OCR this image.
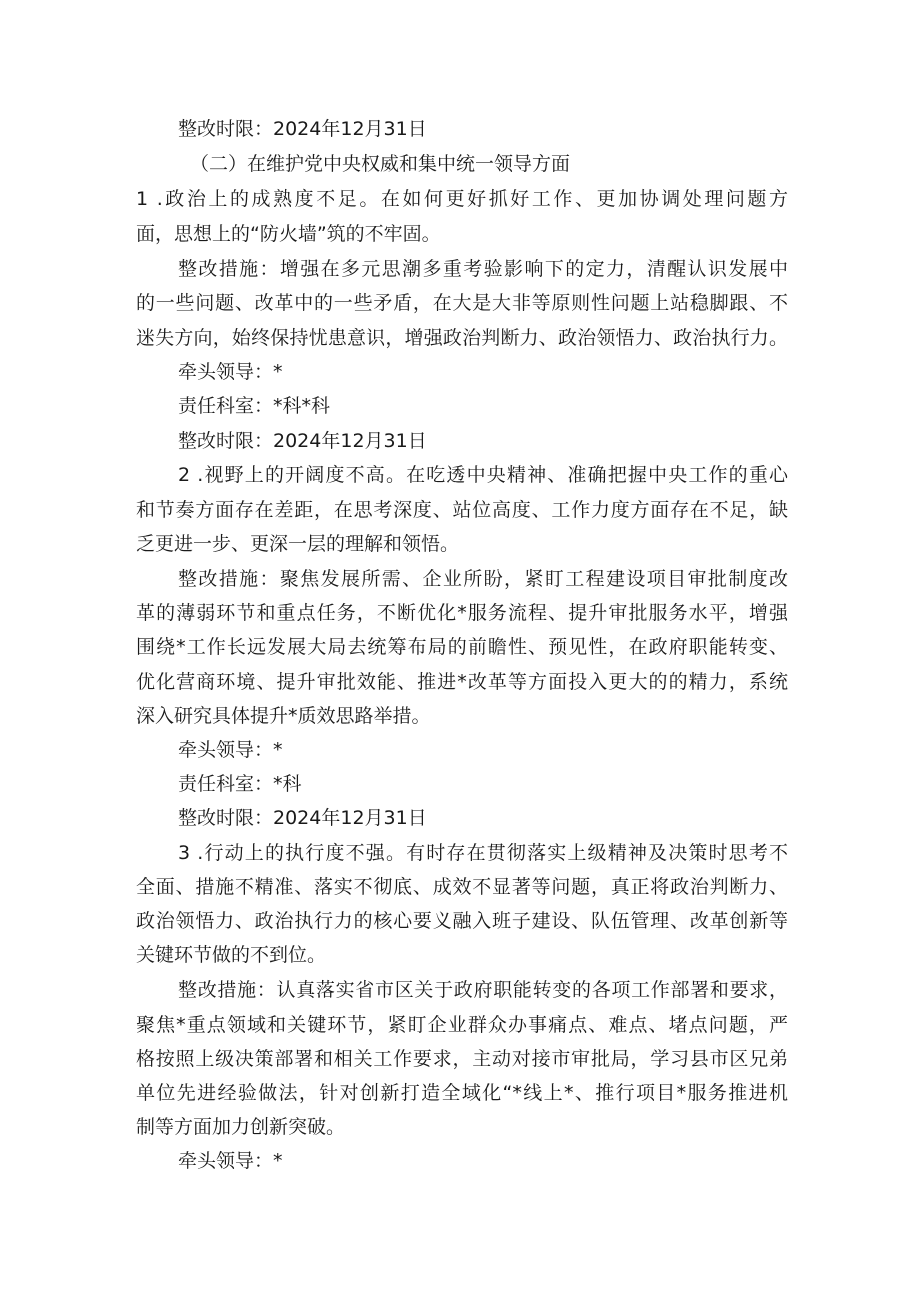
整改时限：2024年12月31日
（二）在维护党中央权威和集中统一领导方面
1 .政治上的成熟度不足。在如何更好抓好工作、更加协调处理问题方
面，思想上的“防火墙”筑的不牢固。
整改措施：增强在多元思潮多重考验影响下的定力，清醒认识发展中
的一些问题、改革中的一些矛盾，在大是大非等原则性问题上站稳脚跟、不
迷失方向，始终保持忧患意识，增强政治判断力、政治领悟力、政治执行力。
牵头领导：*
责任科室：*科*科
整改时限：2024年12月31日
2 .视野上的开阔度不高。在吃透中央精神、准确把握中央工作的重心
和节奏方面存在差距，在思考深度、站位高度、工作力度方面存在不足，缺
乏更进一步、更深一层的理解和领悟。
整改措施：聚焦发展所需、企业所盼，紧盯工程建设项目审批制度改
革的薄弱环节和重点任务，不断优化*服务流程、提升审批服务水平，增强
围绕*工作长远发展大局去统筹布局的前瞻性、预见性，在政府职能转变、
优化营商环境、提升审批效能、推进*改革等方面投入更大的的精力，系统
深入研究具体提升*质效思路举措。
牵头领导：*
责任科室：*科
整改时限：2024年12月31日
3 .行动上的执行度不强。有时存在贯彻落实上级精神及决策时思考不
全面、措施不精准、落实不彻底、成效不显著等问题，真正将政治判断力、
政治领悟力、政治执行力的核心要义融入班子建设、队伍管理、改革创新等
关键环节做的不到位。
整改措施：认真落实省市区关于政府职能转变的各项工作部署和要求，
聚焦*重点领域和关键环节，紧盯企业群众办事痛点、难点、堵点问题，严
格按照上级决策部署和相关工作要求，主动对接市审批局，学习县市区兄弟
单位先进经验做法，针对创新打造全域化“*线上*、推行项目*服务推进机
制等方面加力创新突破。
牵头领导：*
